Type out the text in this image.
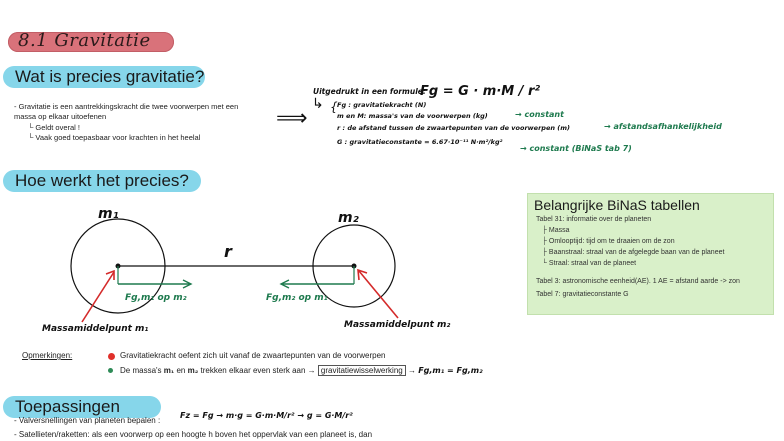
8.1 Gravitatie
Wat is precies gravitatie?
- Gravitatie is een aantrekkingskracht die twee voorwerpen met een
massa op elkaar uitoefenen
└ Geldt overal !
└ Vaak goed toepasbaar voor krachten in het heelal
⟹
Uitgedrukt in een formule:
Fg = G · m·M / r²
↳ { Fg : gravitatiekracht (N)
m en M: massa's van de voorwerpen (kg)	→ constant
r : de afstand tussen de zwaartepunten van de voorwerpen (m)	→ afstandsafhankelijkheid
G : gravitatieconstante = 6.67·10⁻¹¹ N·m²/kg²
→ constant (BiNaS tab 7)
Hoe werkt het precies?
m₁	m₂
r
Fg,m₁ op m₂	Fg,m₂ op m₁
Massamiddelpunt m₁	Massamiddelpunt m₂
Belangrijke BiNaS tabellen
Tabel 31: informatie over de planeten
├ Massa
├ Omlooptijd: tijd om te draaien om de zon
├ Baanstraal: straal van de afgelegde baan van de planeet
└ Straal: straal van de planeet
Tabel 3: astronomische eenheid(AE). 1 AE = afstand aarde -> zon
Tabel 7: gravitatieconstante G
Opmerkingen:	Gravitatiekracht oefent zich uit vanaf de zwaartepunten van de voorwerpen
De massa's m₁ en m₂ trekken elkaar even sterk aan → gravitatiewisselwerking → Fg,m₁ = Fg,m₂
Toepassingen
- Valversnellingen van planeten bepalen :
Fz = Fg → m·g = G·m·M/r² → g = G·M/r²
- Satellieten/raketten: als een voorwerp op een hoogte h boven het oppervlak van een planeet is, dan
